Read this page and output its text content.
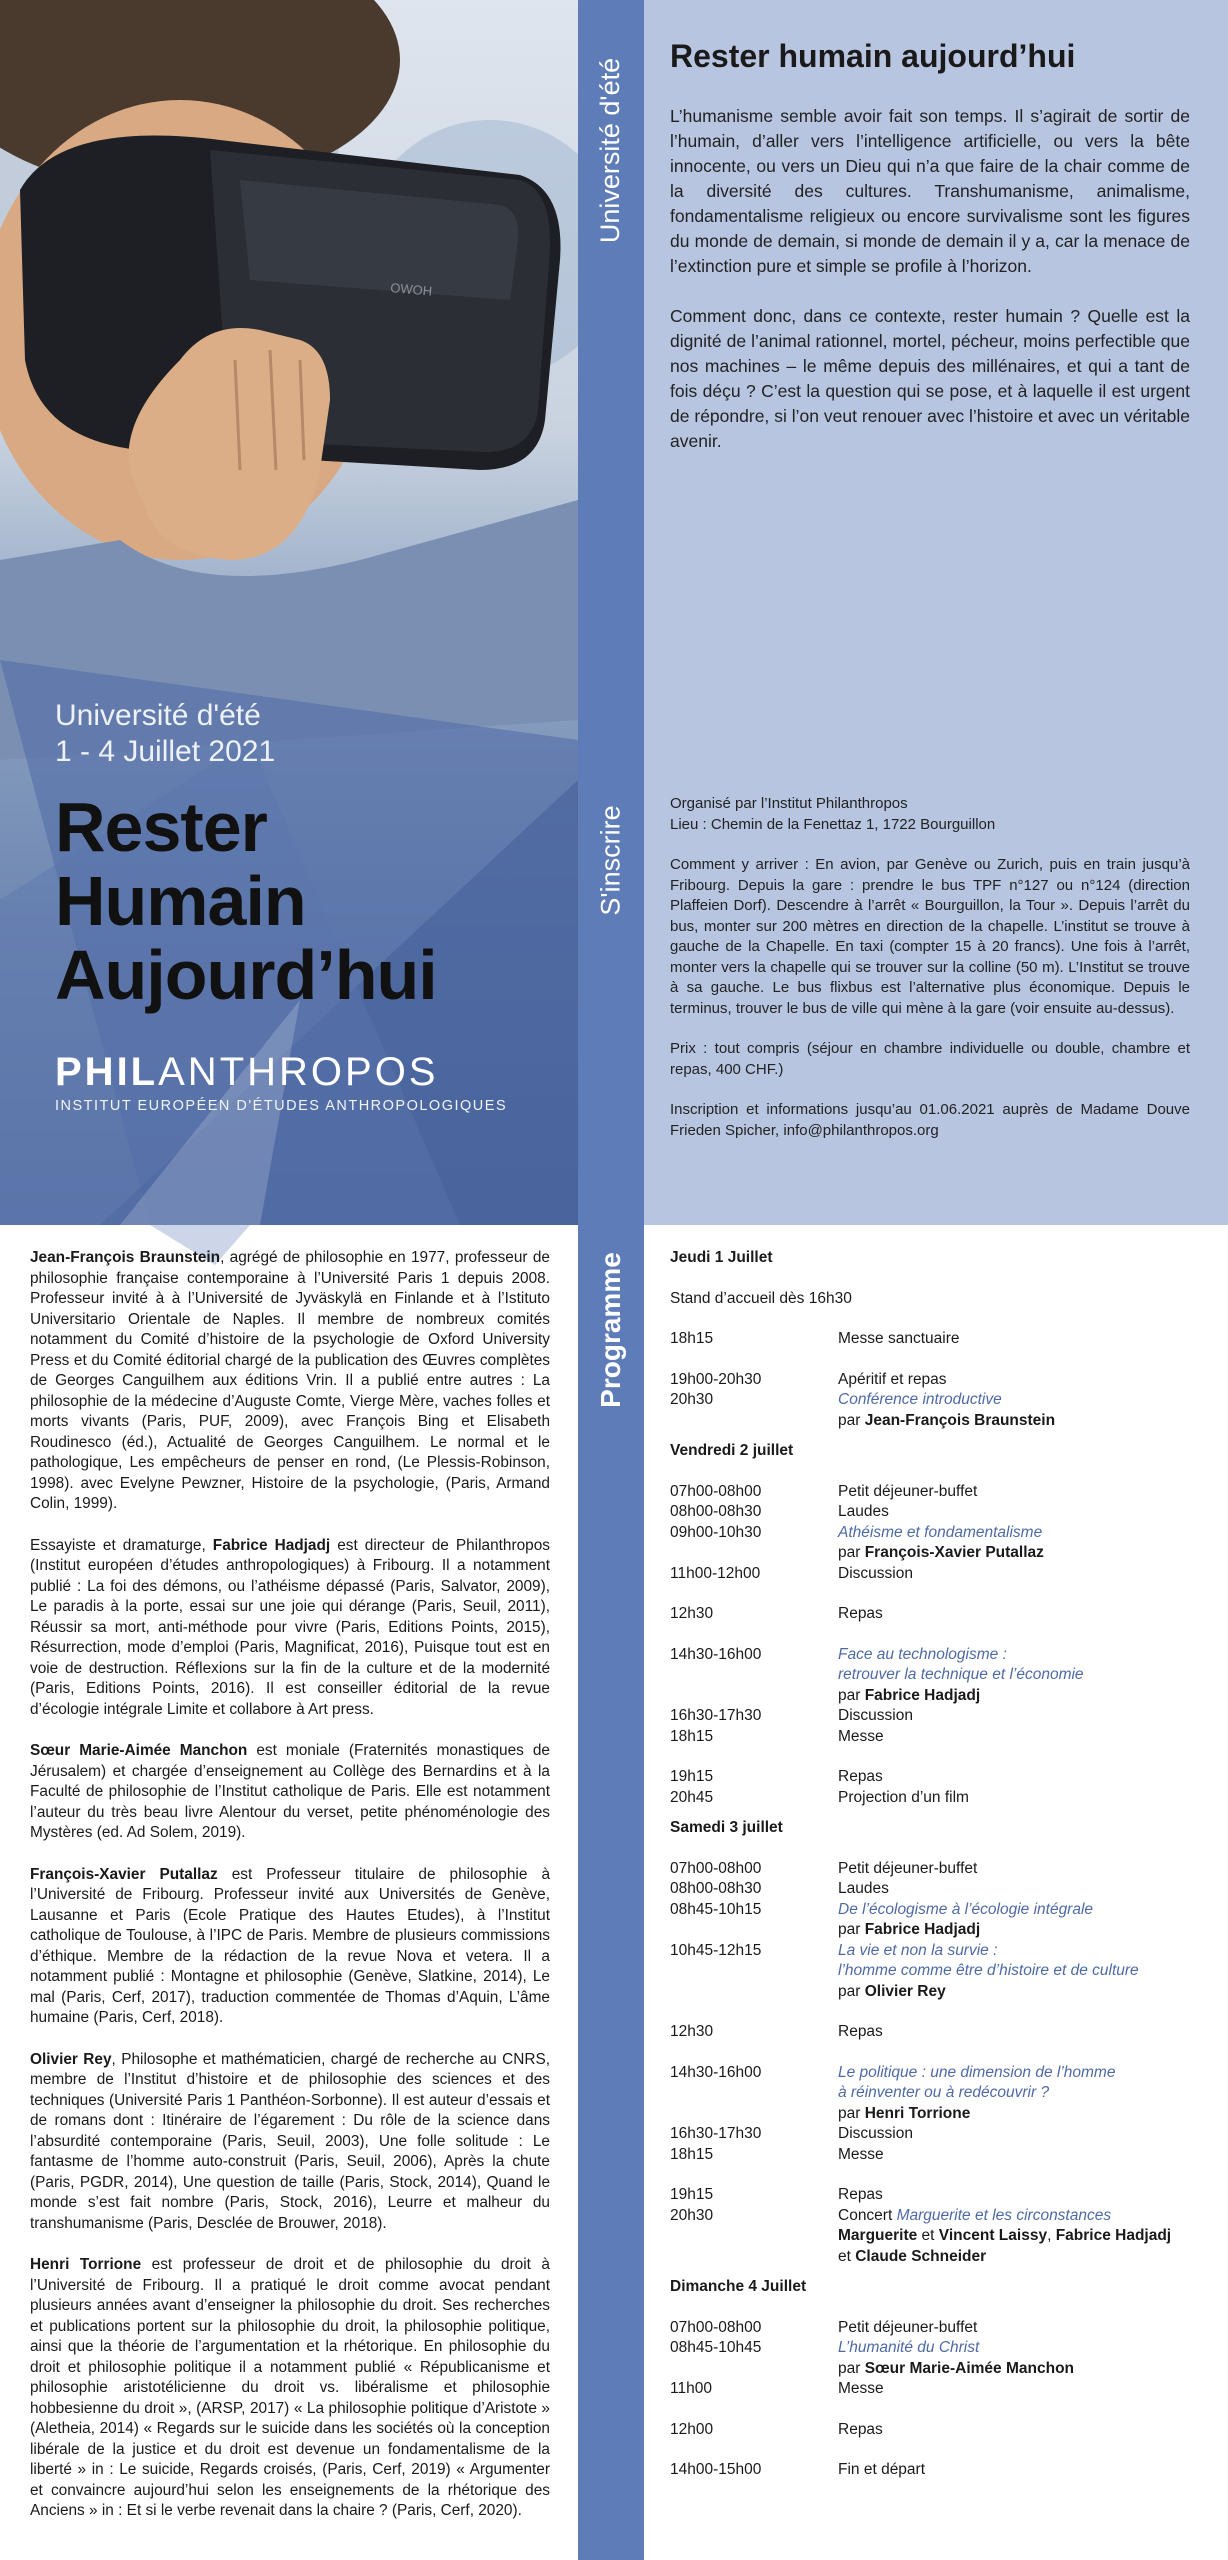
OWOH
Université d'été
1 - 4 Juillet 2021
Rester
Humain
Aujourd’hui
PHILANTHROPOS
INSTITUT EUROPÉEN D'ÉTUDES ANTHROPOLOGIQUES
Université d'été
S'inscrire
Programme
Rester humain aujourd’hui

L’humanisme semble avoir fait son temps. Il s’agirait de sortir de l’humain, d’aller vers l’intelligence artificielle, ou vers la bête innocente, ou vers un Dieu qui n’a que faire de la chair comme de la diversité des cultures. Transhumanisme, animalisme, fondamentalisme religieux ou encore survivalisme sont les figures du monde de demain, si monde de demain il y a, car la menace de l’extinction pure et simple se profile à l’horizon.

Comment donc, dans ce contexte, rester humain ? Quelle est la dignité de l’animal rationnel, mortel, pécheur, moins perfectible que nos machines – le même depuis des millénaires, et qui a tant de fois déçu ? C’est la question qui se pose, et à laquelle il est urgent de répondre, si l’on veut renouer avec l’histoire et avec un véritable avenir.

Organisé par l’Institut Philanthropos

Lieu : Chemin de la Fenettaz 1, 1722 Bourguillon

Comment y arriver : En avion, par Genève ou Zurich, puis en train jusqu’à Fribourg. Depuis la gare : prendre le bus TPF n°127 ou n°124 (direction Plaffeien Dorf). Descendre à l’arrêt « Bourguillon, la Tour ». Depuis l’arrêt du bus, monter sur 200 mètres en direction de la chapelle. L’institut se trouve à gauche de la Chapelle. En taxi (compter 15 à 20 francs). Une fois à l’arrêt, monter vers la chapelle qui se trouver sur la colline (50 m). L’Institut se trouve à sa gauche. Le bus flixbus est l’alternative plus économique. Depuis le terminus, trouver le bus de ville qui mène à la gare (voir ensuite au-dessus).

Prix : tout compris (séjour en chambre individuelle ou double, chambre et repas, 400 CHF.)

Inscription et informations jusqu’au 01.06.2021 auprès de Madame Douve Frieden Spicher, info@philanthropos.org

Jean-François Braunstein, agrégé de philosophie en 1977, professeur de philosophie française contemporaine à l’Université Paris 1 depuis 2008. Professeur invité à à l’Université de Jyväskylä en Finlande et à l’Istituto Universitario Orientale de Naples. Il membre de nombreux comités notamment du Comité d’histoire de la psychologie de Oxford University Press et du Comité éditorial chargé de la publication des Œuvres complètes de Georges Canguilhem aux éditions Vrin. Il a publié entre autres : La philosophie de la médecine d’Auguste Comte, Vierge Mère, vaches folles et morts vivants (Paris, PUF, 2009), avec François Bing et Elisabeth Roudinesco (éd.), Actualité de Georges Canguilhem. Le normal et le pathologique, Les empêcheurs de penser en rond, (Le Plessis-Robinson, 1998). avec Evelyne Pewzner, Histoire de la psychologie, (Paris, Armand Colin, 1999).

Essayiste et dramaturge, Fabrice Hadjadj est directeur de Philanthropos (Institut européen d’études anthropologiques) à Fribourg. Il a notamment publié : La foi des démons, ou l’athéisme dépassé (Paris, Salvator, 2009), Le paradis à la porte, essai sur une joie qui dérange (Paris, Seuil, 2011), Réussir sa mort, anti-méthode pour vivre (Paris, Editions Points, 2015), Résurrection, mode d’emploi (Paris, Magnificat, 2016), Puisque tout est en voie de destruction. Réflexions sur la fin de la culture et de la modernité (Paris, Editions Points, 2016). Il est conseiller éditorial de la revue d’écologie intégrale Limite et collabore à Art press.

Sœur Marie-Aimée Manchon est moniale (Fraternités monastiques de Jérusalem) et chargée d’enseignement au Collège des Bernardins et à la Faculté de philosophie de l’Institut catholique de Paris. Elle est notamment l’auteur du très beau livre Alentour du verset, petite phénoménologie des Mystères (ed. Ad Solem, 2019).

François-Xavier Putallaz est Professeur titulaire de philosophie à l’Université de Fribourg. Professeur invité aux Universités de Genève, Lausanne et Paris (Ecole Pratique des Hautes Etudes), à l’Institut catholique de Toulouse, à l’IPC de Paris. Membre de plusieurs commissions d’éthique. Membre de la rédaction de la revue Nova et vetera. Il a notamment publié : Montagne et philosophie (Genève, Slatkine, 2014), Le mal (Paris, Cerf, 2017), traduction commentée de Thomas d’Aquin, L’âme humaine (Paris, Cerf, 2018).

Olivier Rey, Philosophe et mathématicien, chargé de recherche au CNRS, membre de l’Institut d’histoire et de philosophie des sciences et des techniques (Université Paris 1 Panthéon-Sorbonne). Il est auteur d’essais et de romans dont : Itinéraire de l’égarement : Du rôle de la science dans l’absurdité contemporaine (Paris, Seuil, 2003), Une folle solitude : Le fantasme de l’homme auto-construit (Paris, Seuil, 2006), Après la chute (Paris, PGDR, 2014), Une question de taille (Paris, Stock, 2014), Quand le monde s’est fait nombre (Paris, Stock, 2016), Leurre et malheur du transhumanisme (Paris, Desclée de Brouwer, 2018).

Henri Torrione est professeur de droit et de philosophie du droit à l’Université de Fribourg. Il a pratiqué le droit comme avocat pendant plusieurs années avant d’enseigner la philosophie du droit. Ses recherches et publications portent sur la philosophie du droit, la philosophie politique, ainsi que la théorie de l’argumentation et la rhétorique. En philosophie du droit et philosophie politique il a notamment publié « Républicanisme et philosophie aristotélicienne du droit vs. libéralisme et philosophie hobbesienne du droit », (ARSP, 2017) « La philosophie politique d’Aristote » (Aletheia, 2014) « Regards sur le suicide dans les sociétés où la conception libérale de la justice et du droit est devenue un fondamentalisme de la liberté » in : Le suicide, Regards croisés, (Paris, Cerf, 2019) « Argumenter et convaincre aujourd’hui selon les enseignements de la rhétorique des Anciens » in : Et si le verbe revenait dans la chaire ? (Paris, Cerf, 2020).

Jeudi 1 Juillet
Stand d’accueil dès 16h30
18h15	Messe sanctuaire
19h00-20h30	Apéritif et repas
20h30	Conférence introductive
par Jean-François Braunstein
Vendredi 2 juillet
07h00-08h00	Petit déjeuner-buffet
08h00-08h30	Laudes
09h00-10h30	Athéisme et fondamentalisme
par François-Xavier Putallaz
11h00-12h00	Discussion
12h30	Repas
14h30-16h00	Face au technologisme :
retrouver la technique et l’économie
par Fabrice Hadjadj
16h30-17h30	Discussion
18h15	Messe
19h15	Repas
20h45	Projection d’un film
Samedi 3 juillet
07h00-08h00	Petit déjeuner-buffet
08h00-08h30	Laudes
08h45-10h15	De l’écologisme à l’écologie intégrale
par Fabrice Hadjadj
10h45-12h15	La vie et non la survie :
l’homme comme être d’histoire et de culture
par Olivier Rey
12h30	Repas
14h30-16h00	Le politique : une dimension de l’homme
à réinventer ou à redécouvrir ?
par Henri Torrione
16h30-17h30	Discussion
18h15	Messe
19h15	Repas
20h30	Concert Marguerite et les circonstances
Marguerite et Vincent Laissy, Fabrice Hadjadj
et Claude Schneider
Dimanche 4 Juillet
07h00-08h00	Petit déjeuner-buffet
08h45-10h45	L’humanité du Christ
par Sœur Marie-Aimée Manchon
11h00	Messe
12h00	Repas
14h00-15h00	Fin et départ
